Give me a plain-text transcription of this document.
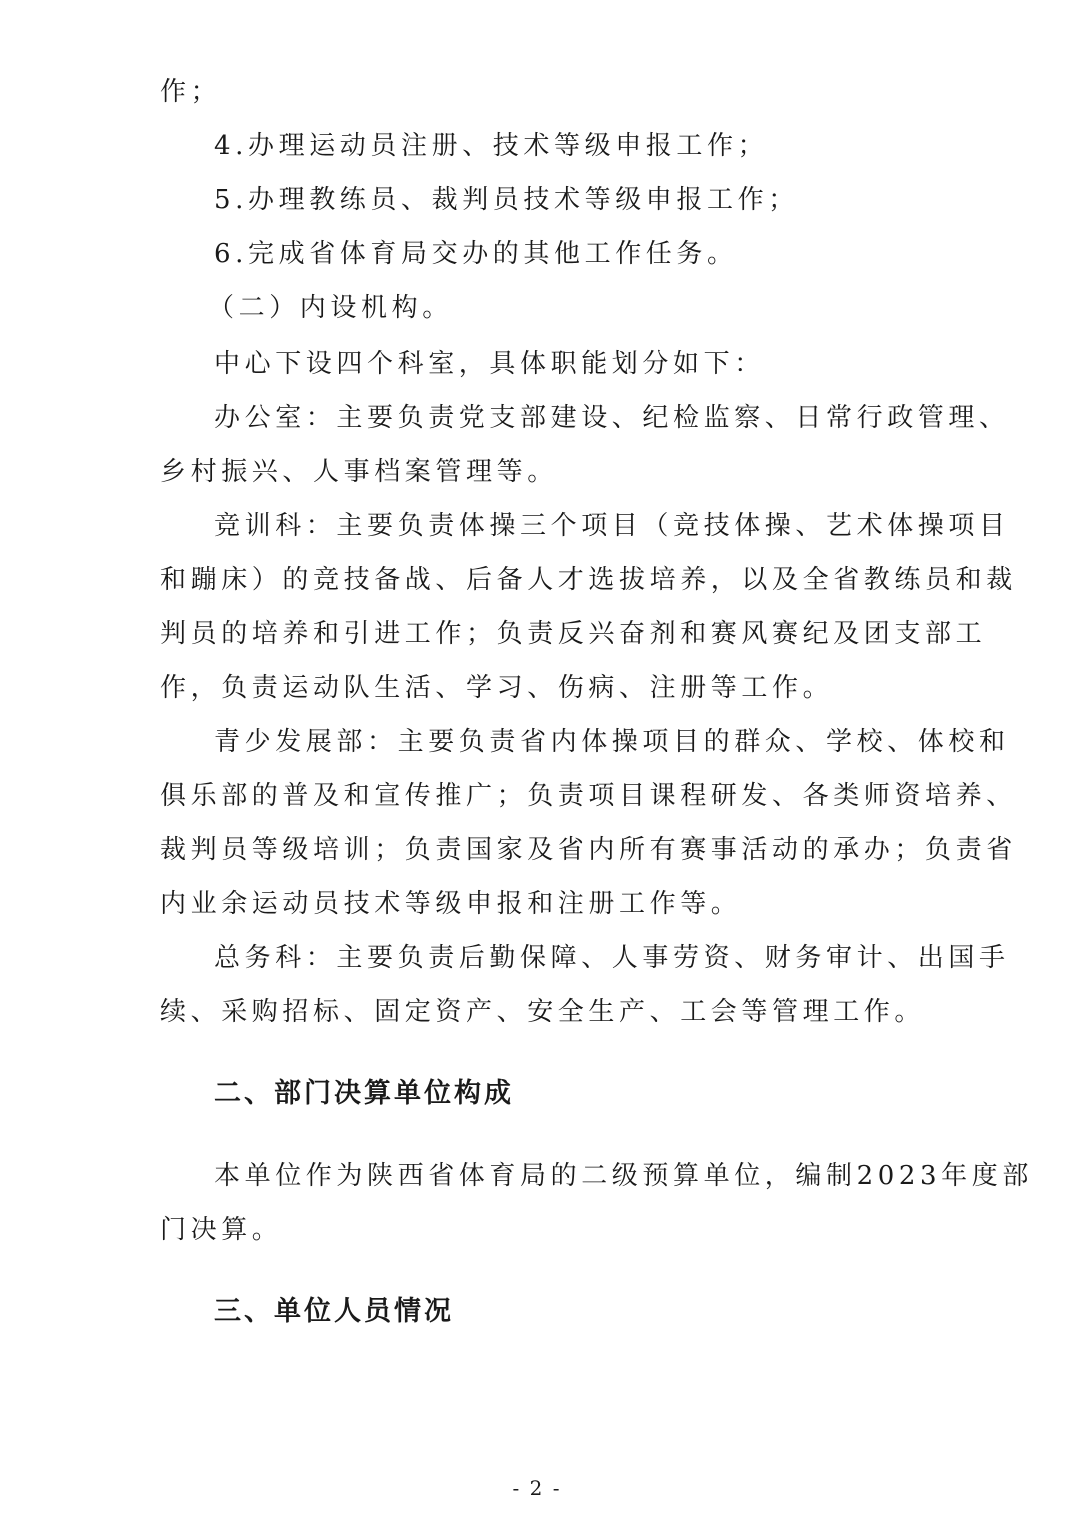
作；
4.办理运动员注册、技术等级申报工作；
5.办理教练员、裁判员技术等级申报工作；
6.完成省体育局交办的其他工作任务。
（二）内设机构。
中心下设四个科室，具体职能划分如下：
办公室：主要负责党支部建设、纪检监察、日常行政管理、
乡村振兴、人事档案管理等。
竞训科：主要负责体操三个项目（竞技体操、艺术体操项目
和蹦床）的竞技备战、后备人才选拔培养，以及全省教练员和裁
判员的培养和引进工作；负责反兴奋剂和赛风赛纪及团支部工
作，负责运动队生活、学习、伤病、注册等工作。
青少发展部：主要负责省内体操项目的群众、学校、体校和
俱乐部的普及和宣传推广；负责项目课程研发、各类师资培养、
裁判员等级培训；负责国家及省内所有赛事活动的承办；负责省
内业余运动员技术等级申报和注册工作等。
总务科：主要负责后勤保障、人事劳资、财务审计、出国手
续、采购招标、固定资产、安全生产、工会等管理工作。
二、部门决算单位构成
本单位作为陕西省体育局的二级预算单位，编制2023年度部
门决算。
三、单位人员情况
- 2 -
